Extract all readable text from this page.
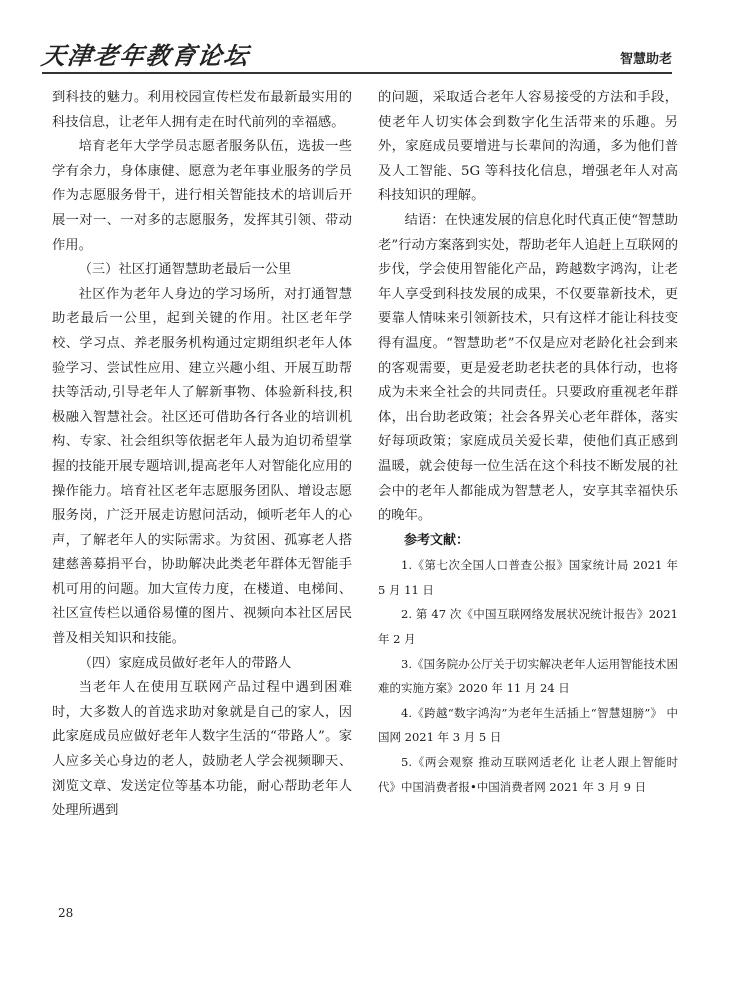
天津老年教育论坛	智慧助老

到科技的魅力。利用校园宣传栏发布最新最实用的科技信息，让老年人拥有走在时代前列的幸福感。

培育老年大学学员志愿者服务队伍，选拔一些学有余力，身体康健、愿意为老年事业服务的学员作为志愿服务骨干，进行相关智能技术的培训后开展一对一、一对多的志愿服务，发挥其引领、带动作用。

（三）社区打通智慧助老最后一公里

社区作为老年人身边的学习场所，对打通智慧助老最后一公里，起到关键的作用。社区老年学校、学习点、养老服务机构通过定期组织老年人体验学习、尝试性应用、建立兴趣小组、开展互助帮扶等活动,引导老年人了解新事物、体验新科技,积极融入智慧社会。社区还可借助各行各业的培训机构、专家、社会组织等依据老年人最为迫切希望掌握的技能开展专题培训,提高老年人对智能化应用的操作能力。培育社区老年志愿服务团队、增设志愿服务岗，广泛开展走访慰问活动，倾听老年人的心声，了解老年人的实际需求。为贫困、孤寡老人搭建慈善募捐平台，协助解决此类老年群体无智能手机可用的问题。加大宣传力度，在楼道、电梯间、社区宣传栏以通俗易懂的图片、视频向本社区居民普及相关知识和技能。

（四）家庭成员做好老年人的带路人

当老年人在使用互联网产品过程中遇到困难时，大多数人的首选求助对象就是自己的家人，因此家庭成员应做好老年人数字生活的“带路人”。家人应多关心身边的老人，鼓励老人学会视频聊天、浏览文章、发送定位等基本功能，耐心帮助老年人处理所遇到

的问题，采取适合老年人容易接受的方法和手段，使老年人切实体会到数字化生活带来的乐趣。另外，家庭成员要增进与长辈间的沟通，多为他们普及人工智能、5G 等科技化信息，增强老年人对高科技知识的理解。

结语：在快速发展的信息化时代真正使“智慧助老”行动方案落到实处，帮助老年人追赶上互联网的步伐，学会使用智能化产品，跨越数字鸿沟，让老年人享受到科技发展的成果，不仅要靠新技术，更要靠人情味来引领新技术，只有这样才能让科技变得有温度。“智慧助老”不仅是应对老龄化社会到来的客观需要，更是爱老助老扶老的具体行动，也将成为未来全社会的共同责任。只要政府重视老年群体，出台助老政策；社会各界关心老年群体，落实好每项政策；家庭成员关爱长辈，使他们真正感到温暖，就会使每一位生活在这个科技不断发展的社会中的老年人都能成为智慧老人，安享其幸福快乐的晚年。

参考文献：

1.《第七次全国人口普查公报》国家统计局 2021 年 5 月 11 日

2. 第 47 次《中国互联网络发展状况统计报告》2021 年 2 月

3.《国务院办公厅关于切实解决老年人运用智能技术困难的实施方案》2020 年 11 月 24 日

4.《跨越“数字鸿沟”为老年生活插上“智慧翅膀”》 中国网 2021 年 3 月 5 日

5.《两会观察 推动互联网适老化 让老人跟上智能时代》中国消费者报•中国消费者网 2021 年 3 月 9 日

28
